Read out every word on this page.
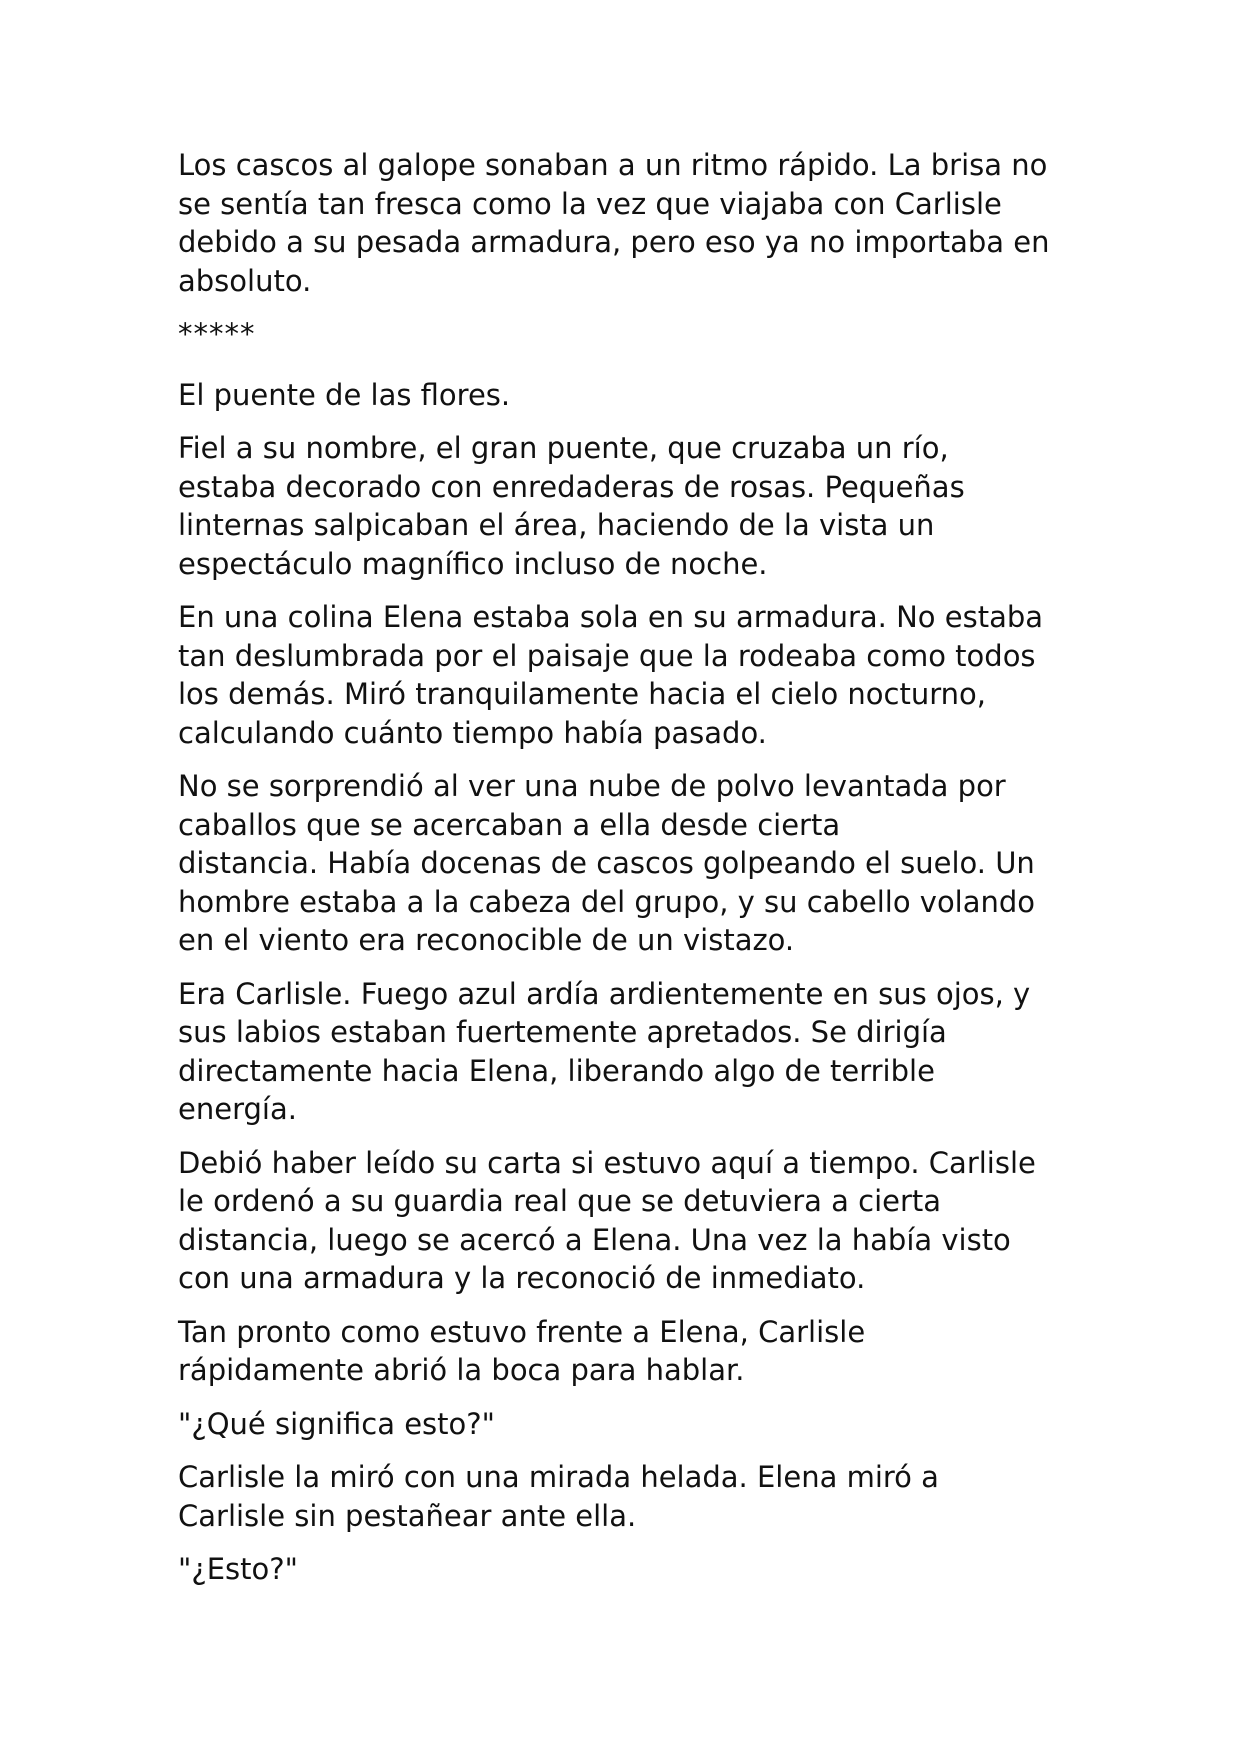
Los cascos al galope sonaban a un ritmo rápido. La brisa no
se sentía tan fresca como la vez que viajaba con Carlisle
debido a su pesada armadura, pero eso ya no importaba en
absoluto.

*****

El puente de las flores.

Fiel a su nombre, el gran puente, que cruzaba un río,
estaba decorado con enredaderas de rosas. Pequeñas
linternas salpicaban el área, haciendo de la vista un
espectáculo magnífico incluso de noche.

En una colina Elena estaba sola en su armadura. No estaba
tan deslumbrada por el paisaje que la rodeaba como todos
los demás. Miró tranquilamente hacia el cielo nocturno,
calculando cuánto tiempo había pasado.

No se sorprendió al ver una nube de polvo levantada por
caballos que se acercaban a ella desde cierta
distancia. Había docenas de cascos golpeando el suelo. Un
hombre estaba a la cabeza del grupo, y su cabello volando
en el viento era reconocible de un vistazo.

Era Carlisle. Fuego azul ardía ardientemente en sus ojos, y
sus labios estaban fuertemente apretados. Se dirigía
directamente hacia Elena, liberando algo de terrible
energía.

Debió haber leído su carta si estuvo aquí a tiempo. Carlisle
le ordenó a su guardia real que se detuviera a cierta
distancia, luego se acercó a Elena. Una vez la había visto
con una armadura y la reconoció de inmediato.

Tan pronto como estuvo frente a Elena, Carlisle
rápidamente abrió la boca para hablar.

"¿Qué significa esto?"

Carlisle la miró con una mirada helada. Elena miró a
Carlisle sin pestañear ante ella.

"¿Esto?"
